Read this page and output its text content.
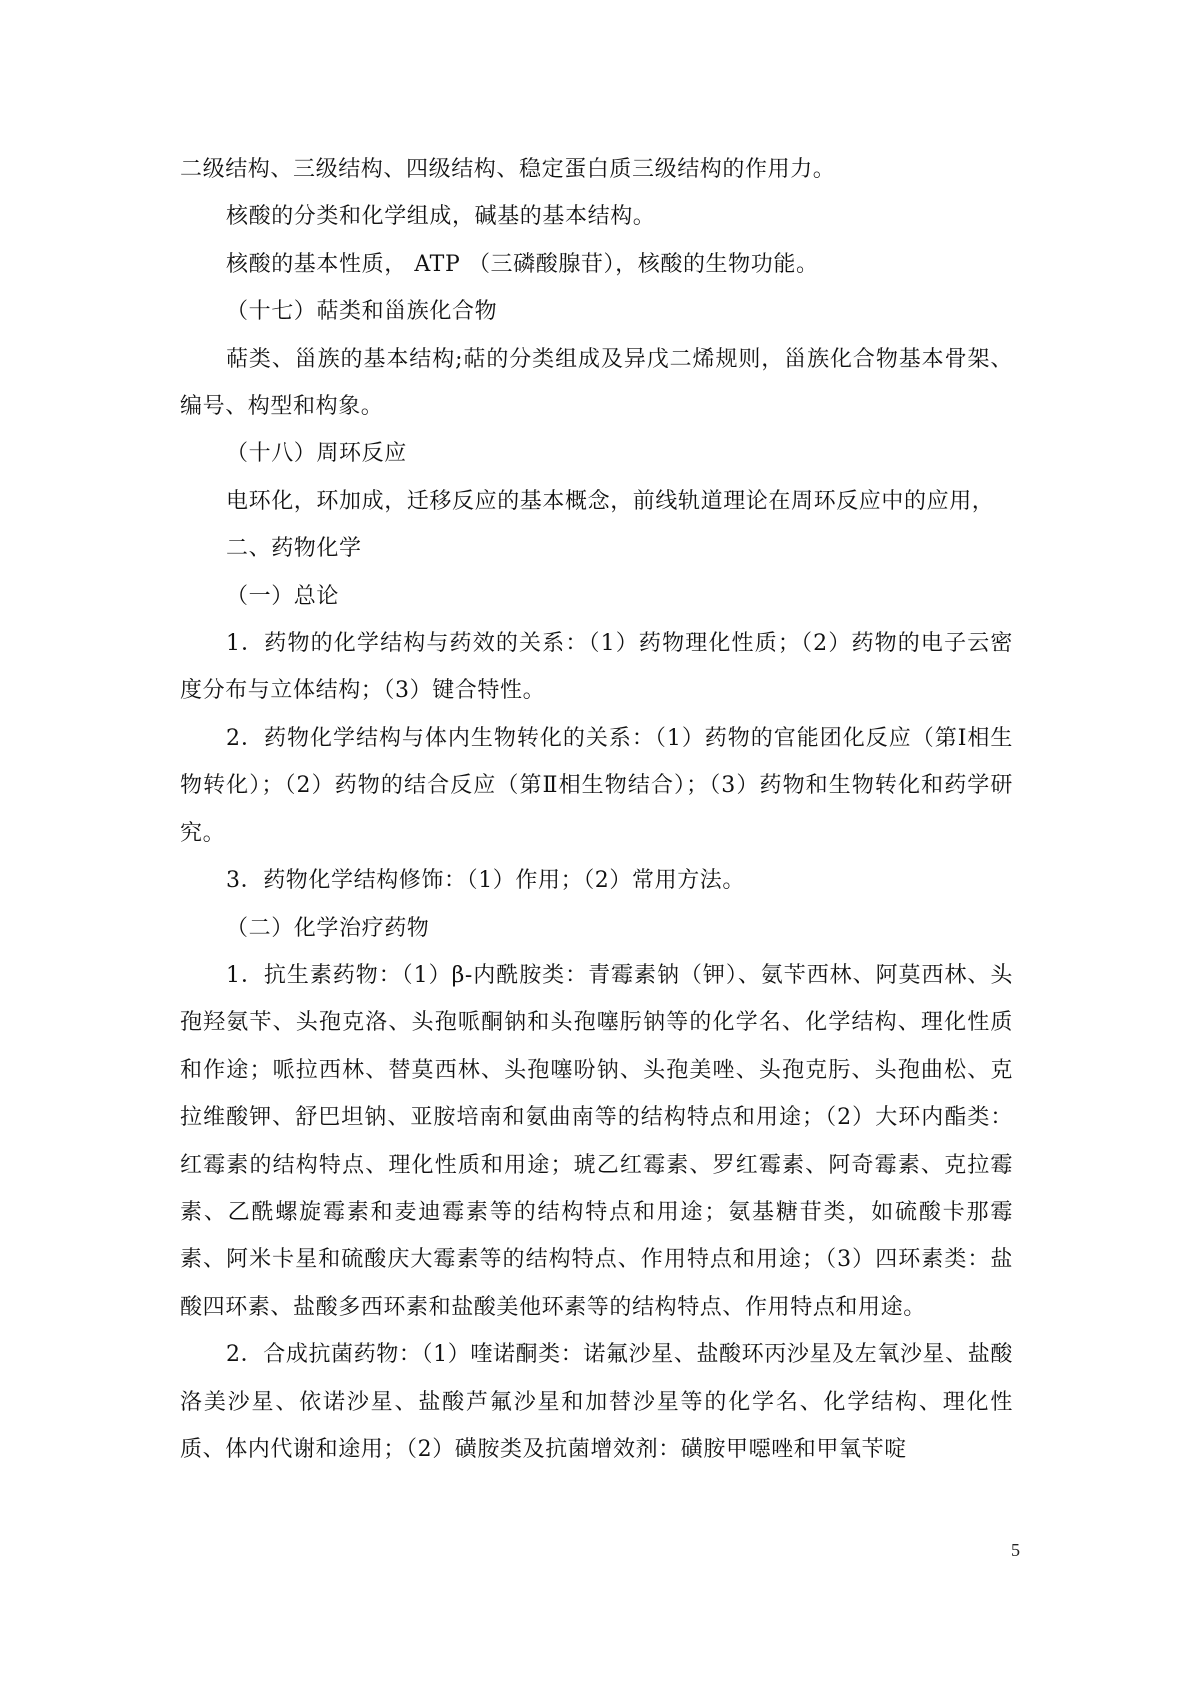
二级结构、三级结构、四级结构、稳定蛋白质三级结构的作用力。

核酸的分类和化学组成，碱基的基本结构。

核酸的基本性质， ATP （三磷酸腺苷），核酸的生物功能。

（十七）萜类和甾族化合物

萜类、甾族的基本结构;萜的分类组成及异戊二烯规则，甾族化合物基本骨架、编号、构型和构象。

（十八）周环反应

电环化，环加成，迁移反应的基本概念，前线轨道理论在周环反应中的应用，

二、药物化学

（一）总论

1．药物的化学结构与药效的关系：（1）药物理化性质；（2）药物的电子云密度分布与立体结构；（3）键合特性。

2．药物化学结构与体内生物转化的关系：（1）药物的官能团化反应（第Ⅰ相生物转化）；（2）药物的结合反应（第Ⅱ相生物结合）；（3）药物和生物转化和药学研究。

3．药物化学结构修饰：（1）作用；（2）常用方法。

（二）化学治疗药物

1．抗生素药物：（1）β-内酰胺类：青霉素钠（钾）、氨苄西林、阿莫西林、头孢羟氨苄、头孢克洛、头孢哌酮钠和头孢噻肟钠等的化学名、化学结构、理化性质和作途；哌拉西林、替莫西林、头孢噻吩钠、头孢美唑、头孢克肟、头孢曲松、克拉维酸钾、舒巴坦钠、亚胺培南和氨曲南等的结构特点和用途；（2）大环内酯类：红霉素的结构特点、理化性质和用途；琥乙红霉素、罗红霉素、阿奇霉素、克拉霉素、乙酰螺旋霉素和麦迪霉素等的结构特点和用途；氨基糖苷类，如硫酸卡那霉素、阿米卡星和硫酸庆大霉素等的结构特点、作用特点和用途；（3）四环素类：盐酸四环素、盐酸多西环素和盐酸美他环素等的结构特点、作用特点和用途。

2．合成抗菌药物：（1）喹诺酮类：诺氟沙星、盐酸环丙沙星及左氧沙星、盐酸洛美沙星、依诺沙星、盐酸芦氟沙星和加替沙星等的化学名、化学结构、理化性质、体内代谢和途用；（2）磺胺类及抗菌增效剂：磺胺甲噁唑和甲氧苄啶

5
